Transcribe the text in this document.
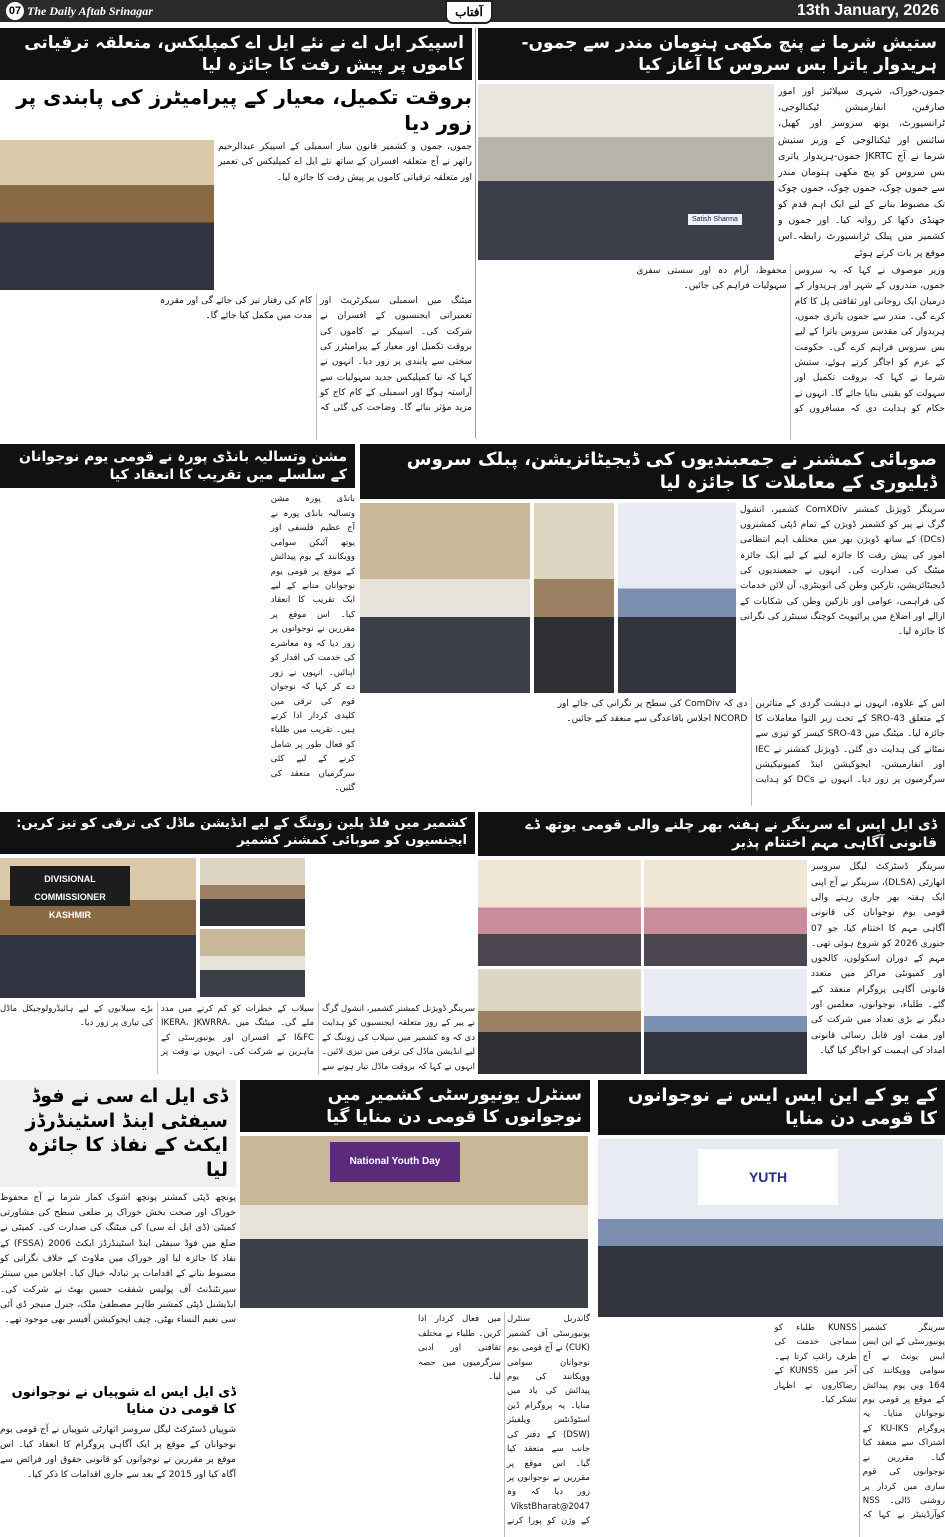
07 The Daily Aftab Srinagar	13th January, 2026
آفتاب
ستیش شرما نے پنچ مکھی ہنومان مندر سے جموں-ہریدوار یاترا بس سروس کا آغاز کیا
Satish Sharma
جموں،خوراک، شہری سپلائیز اور امور صارفین، انفارمیشن ٹیکنالوجی، ٹرانسپورٹ، یوتھ سروسز اور کھیل، سائنس اور ٹیکنالوجی کے وزیر ستیش شرما نے آج JKRTC جموں-ہریدوار یاتری بس سروس کو پنچ مکھی ہنومان مندر سے جموں چوک، جموں چوک، جموں چوک تک مضبوط بنانے کے لیے ایک اہم قدم کو جھنڈی دکھا کر روانہ کیا۔ اور جموں و کشمیر میں پبلک ٹرانسپورٹ رابطہ۔اس موقع پر بات کرتے ہوئے
وزیر موصوف نے کہا کہ یہ سروس جموں، مندروں کے شہر اور ہریدوار کے درمیان ایک روحانی اور ثقافتی پل کا کام کرے گی۔ مندر سے جموں یاتری جموں، ہریدوار کی مقدس سروس یاترا کے لیے بس سروس فراہم کرے گی۔ حکومت کے عزم کو اجاگر کرتے ہوئے، ستیش شرما نے کہا کہ بروقت تکمیل اور سہولت کو یقینی بنایا جائے گا۔ انہوں نے حکام کو ہدایت دی کہ مسافروں کو محفوظ، آرام دہ اور سستی سفری سہولیات فراہم کی جائیں۔
اسپیکر ایل اے نے نئے ایل اے کمپلیکس، متعلقہ ترقیاتی کاموں پر پیش رفت کا جائزہ لیا
بروقت تکمیل، معیار کے پیرامیٹرز کی پابندی پر زور دیا
جموں، جموں و کشمیر قانون ساز اسمبلی کے اسپیکر عبدالرحیم راتھر نے آج متعلقہ افسران کے ساتھ نئے ایل اے کمپلیکس کی تعمیر اور متعلقہ ترقیاتی کاموں پر پیش رفت کا جائزہ لیا۔
میٹنگ میں اسمبلی سیکرٹریٹ اور تعمیراتی ایجنسیوں کے افسران نے شرکت کی۔ اسپیکر نے کاموں کی بروقت تکمیل اور معیار کے پیرامیٹرز کی سختی سے پابندی پر زور دیا۔ انہوں نے کہا کہ نیا کمپلیکس جدید سہولیات سے آراستہ ہوگا اور اسمبلی کے کام کاج کو مزید مؤثر بنائے گا۔ وضاحت کی گئی کہ کام کی رفتار تیز کی جائے گی اور مقررہ مدت میں مکمل کیا جائے گا۔
مشن وتسالیہ بانڈی پورہ نے قومی یوم نوجوانان کے سلسلے میں تقریب کا انعقاد کیا
بانڈی پورہ مشن وتسالیہ بانڈی پورہ نے آج عظیم فلسفی اور یوتھ آئیکن سوامی وویکانند کے یوم پیدائش کے موقع پر قومی یوم نوجوانان منانے کے لیے ایک تقریب کا انعقاد کیا۔ اس موقع پر مقررین نے نوجوانوں پر زور دیا کہ وہ معاشرے کی خدمت کی اقدار کو اپنائیں۔ انہوں نے زور دے کر کہا کہ نوجوان قوم کی ترقی میں کلیدی کردار ادا کرتے ہیں۔ تقریب میں طلباء کو فعال طور پر شامل کرنے کے لیے کئی سرگرمیاں منعقد کی گئیں۔
صوبائی کمشنر نے جمعبندیوں کی ڈیجیٹائزیشن، پبلک سروس ڈیلیوری کے معاملات کا جائزہ لیا
سرینگر ڈویژنل کمشنر ComXDiv کشمیر، انشول گرگ نے پیر کو کشمیر ڈویژن کے تمام ڈپٹی کمشنروں (DCs) کے ساتھ ڈویژن بھر میں مختلف اہم انتظامی امور کی پیش رفت کا جائزہ لینے کے لیے ایک جائزہ میٹنگ کی صدارت کی۔ انہوں نے جمعبندیوں کی ڈیجیٹائزیشن، تارکین وطن کی انوینٹری، آن لائن خدمات کی فراہمی، عوامی اور تارکین وطن کی شکایات کے ازالے اور اضلاع میں پرائیویٹ کوچنگ سینٹرز کی نگرانی کا جائزہ لیا۔
اس کے علاوہ، انہوں نے دہشت گردی کے متاثرین کے متعلق SRO-43 کے تحت زیر التوا معاملات کا جائزہ لیا۔ میٹنگ میں SRO-43 کیسز کو تیزی سے نمٹانے کی ہدایت دی گئی۔ ڈویژنل کمشنر نے IEC اور انفارمیشن، ایجوکیشن اینڈ کمیونیکیشن سرگرمیوں پر زور دیا۔ انہوں نے DCs کو ہدایت دی کہ ComDiv کی سطح پر نگرانی کی جائے اور NCORD اجلاس باقاعدگی سے منعقد کیے جائیں۔
کشمیر میں فلڈ پلین زوننگ کے لیے انڈیشن ماڈل کی ترقی کو تیز کریں: ایجنسیوں کو صوبائی کمشنر کشمیر
DIVISIONAL COMMISSIONER
KASHMIR
سرینگر ڈویژنل کمشنر کشمیر، انشول گرگ نے پیر کے روز متعلقہ ایجنسیوں کو ہدایت دی کہ وہ کشمیر میں سیلاب کی زوننگ کے لیے انڈیشن ماڈل کی ترقی میں تیزی لائیں۔ انہوں نے کہا کہ بروقت ماڈل تیار ہونے سے سیلاب کے خطرات کو کم کرنے میں مدد ملے گی۔ میٹنگ میں IKERA، JKWRRA، I&FC کے افسران اور یونیورسٹی کے ماہرین نے شرکت کی۔ انہوں نے وقت پر بڑے سیلابوں کے لیے ہائیڈرولوجیکل ماڈل کی تیاری پر زور دیا۔
ڈی ایل ایس اے سرینگر نے ہفتہ بھر چلنے والی قومی یوتھ ڈے قانونی آگاہی مہم اختتام پذیر
سرینگر ڈسٹرکٹ لیگل سروسز اتھارٹی (DLSA)، سرینگر نے آج اپنی ایک ہفتہ بھر جاری رہنے والی قومی یوم نوجوانان کی قانونی آگاہی مہم کا اختتام کیا، جو 07 جنوری 2026 کو شروع ہوئی تھی۔ مہم کے دوران اسکولوں، کالجوں اور کمیونٹی مراکز میں متعدد قانونی آگاہی پروگرام منعقد کیے گئے۔ طلباء، نوجوانوں، معلمین اور دیگر نے بڑی تعداد میں شرکت کی اور مفت اور قابل رسائی قانونی امداد کی اہمیت کو اجاگر کیا گیا۔
ڈی ایل اے سی نے فوڈ سیفٹی اینڈ اسٹینڈرڈز ایکٹ کے نفاذ کا جائزہ لیا
پونچھ ڈپٹی کمشنر پونچھ اشوک کمار شرما نے آج محفوظ خوراک اور صحت بخش خوراک پر ضلعی سطح کی مشاورتی کمیٹی (ڈی ایل اے سی) کی میٹنگ کی صدارت کی۔ کمیٹی نے ضلع میں فوڈ سیفٹی اینڈ اسٹینڈرڈز ایکٹ 2006 (FSSA) کے نفاذ کا جائزہ لیا اور خوراک میں ملاوٹ کے خلاف نگرانی کو مضبوط بنانے کے اقدامات پر تبادلہ خیال کیا۔ اجلاس میں سینئر سپرنٹنڈنٹ آف پولیس شفقت حسین بھٹ نے شرکت کی۔ ایڈیشنل ڈپٹی کمشنر طاہر مصطفیٰ ملک، جنرل منیجر ڈی آئی سی نعیم النساء بھٹی، چیف ایجوکیشن آفیسر بھی موجود تھے۔
ڈی ایل ایس اے شوپیاں نے نوجوانوں کا قومی دن منایا
شوپیاں ڈسٹرکٹ لیگل سروسز اتھارٹی شوپیاں نے آج قومی یوم نوجوانان کے موقع پر ایک آگاہی پروگرام کا انعقاد کیا۔ اس موقع پر مقررین نے نوجوانوں کو قانونی حقوق اور فرائض سے آگاہ کیا اور 2015 کے بعد سے جاری اقدامات کا ذکر کیا۔
سنٹرل یونیورسٹی کشمیر میں نوجوانوں کا قومی دن منایا گیا
National Youth Day
گاندربل سنٹرل یونیورسٹی آف کشمیر (CUK) نے آج قومی یوم نوجوانان سوامی وویکانند کی یوم پیدائش کی یاد میں منایا۔ یہ پروگرام ڈین اسٹوڈنٹس ویلفیئر (DSW) کے دفتر کی جانب سے منعقد کیا گیا۔ اس موقع پر مقررین نے نوجوانوں پر زور دیا کہ وہ VikstBharat@2047 کے وژن کو پورا کرنے میں فعال کردار ادا کریں۔ طلباء نے مختلف ثقافتی اور ادبی سرگرمیوں میں حصہ لیا۔
کے یو کے این ایس ایس نے نوجوانوں کا قومی دن منایا
YUTH
سرینگر کشمیر یونیورسٹی کے این ایس ایس یونٹ نے آج سوامی وویکانند کی 164 ویں یوم پیدائش کے موقع پر قومی یوم نوجوانان منایا۔ یہ پروگرام KU-IKS کے اشتراک سے منعقد کیا گیا۔ مقررین نے نوجوانوں کی قوم سازی میں کردار پر روشنی ڈالی۔ NSS کوآرڈینیٹر نے کہا کہ KUNSS طلباء کو سماجی خدمت کی طرف راغب کرتا ہے۔ آخر میں KUNSS کے رضاکاروں نے اظہار تشکر کیا۔
